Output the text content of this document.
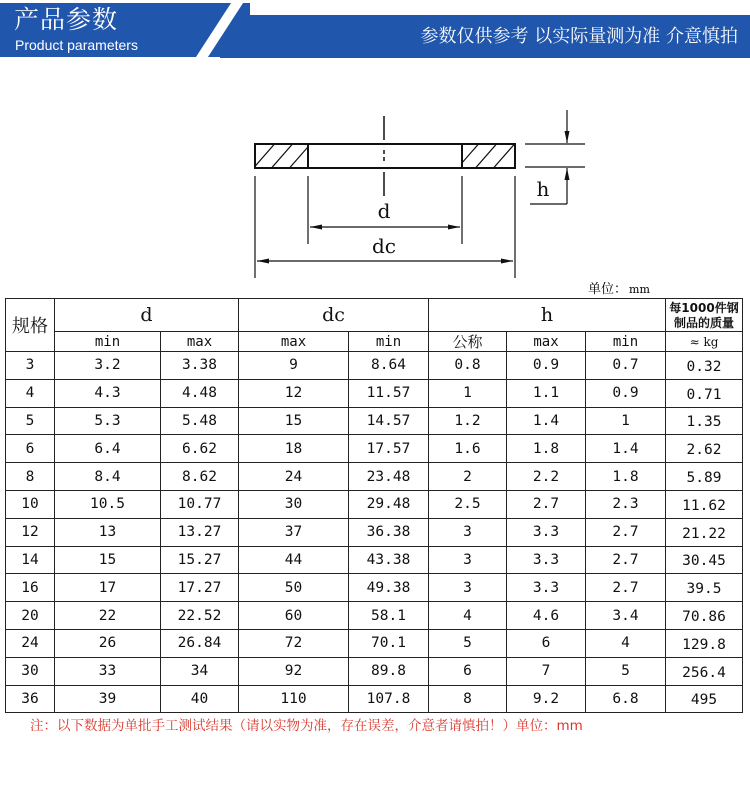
产品参数
Product parameters	参数仅供参考 以实际量测为准 介意慎拍
d
dc
h
单位： mm
规格	d		dc		h			每1000件钢制品的质量
	min	max	max	min	公称	max	min	≈ kg
3	3.2	3.38	9	8.64	0.8	0.9	0.7	0.32
4	4.3	4.48	12	11.57	1	1.1	0.9	0.71
5	5.3	5.48	15	14.57	1.2	1.4	1	1.35
6	6.4	6.62	18	17.57	1.6	1.8	1.4	2.62
8	8.4	8.62	24	23.48	2	2.2	1.8	5.89
10	10.5	10.77	30	29.48	2.5	2.7	2.3	11.62
12	13	13.27	37	36.38	3	3.3	2.7	21.22
14	15	15.27	44	43.38	3	3.3	2.7	30.45
16	17	17.27	50	49.38	3	3.3	2.7	39.5
20	22	22.52	60	58.1	4	4.6	3.4	70.86
24	26	26.84	72	70.1	5	6	4	129.8
30	33	34	92	89.8	6	7	5	256.4
36	39	40	110	107.8	8	9.2	6.8	495
注：以下数据为单批手工测试结果（请以实物为准，存在误差，介意者请慎拍！）单位：mm
